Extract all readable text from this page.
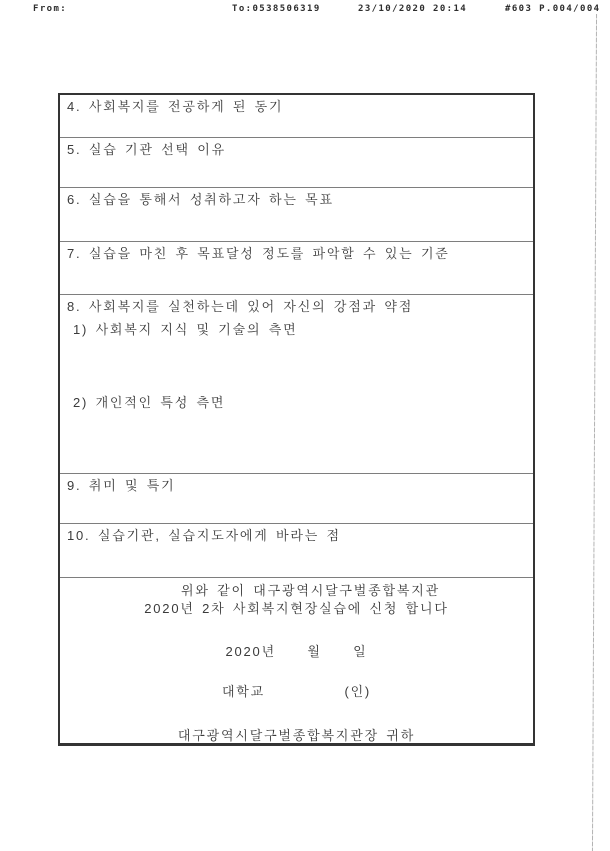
From:	To:0538506319	23/10/2020 20:14	#603 P.004/004
4. 사회복지를 전공하게 된 동기
5. 실습 기관 선택 이유
6. 실습을 통해서 성취하고자 하는 목표
7. 실습을 마친 후 목표달성 정도를 파악할 수 있는 기준
8. 사회복지를 실천하는데 있어 자신의 강점과 약점
1) 사회복지 지식 및 기술의 측면
2) 개인적인 특성 측면
9. 취미 및 특기
10. 실습기관, 실습지도자에게 바라는 점
위와 같이 대구광역시달구벌종합복지관
2020년 2차 사회복지현장실습에 신청 합니다
2020년 월 일
대학교	(인)
대구광역시달구벌종합복지관장 귀하
